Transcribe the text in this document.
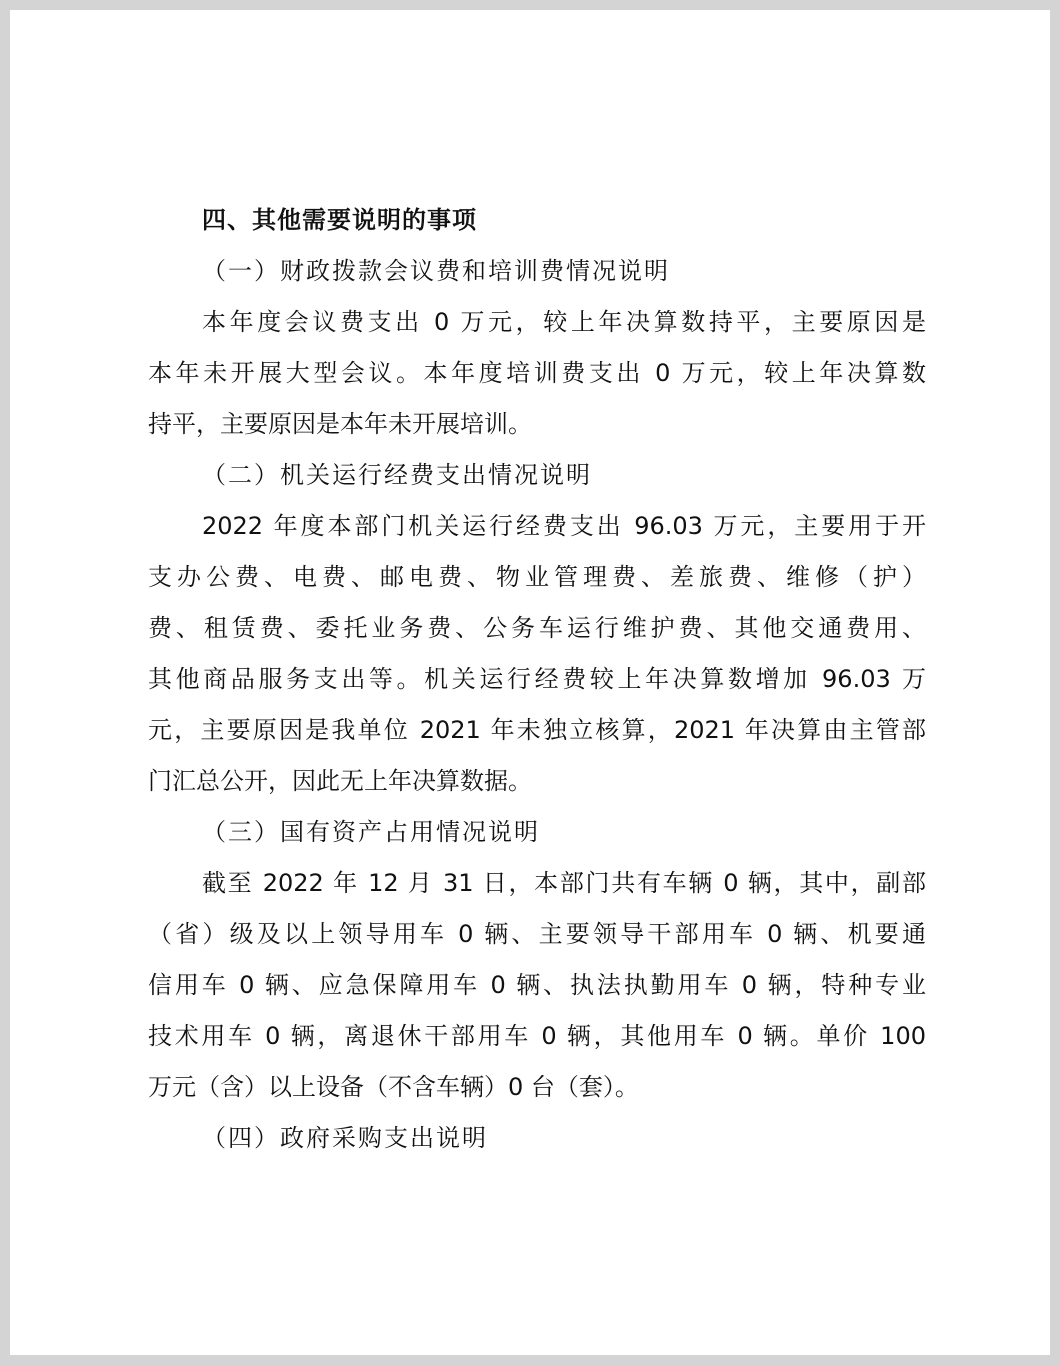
四、其他需要说明的事项
（一）财政拨款会议费和培训费情况说明
本年度会议费支出 0 万元，较上年决算数持平，主要原因是
本年未开展大型会议。本年度培训费支出 0 万元，较上年决算数
持平，主要原因是本年未开展培训。
（二）机关运行经费支出情况说明
2022 年度本部门机关运行经费支出 96.03 万元，主要用于开
支办公费、电费、邮电费、物业管理费、差旅费、维修（护）
费、租赁费、委托业务费、公务车运行维护费、其他交通费用、
其他商品服务支出等。机关运行经费较上年决算数增加 96.03 万
元，主要原因是我单位 2021 年未独立核算，2021 年决算由主管部
门汇总公开，因此无上年决算数据。
（三）国有资产占用情况说明
截至 2022 年 12 月 31 日，本部门共有车辆 0 辆，其中，副部
（省）级及以上领导用车 0 辆、主要领导干部用车 0 辆、机要通
信用车 0 辆、应急保障用车 0 辆、执法执勤用车 0 辆，特种专业
技术用车 0 辆，离退休干部用车 0 辆，其他用车 0 辆。单价 100
万元（含）以上设备（不含车辆）0 台（套）。
（四）政府采购支出说明
